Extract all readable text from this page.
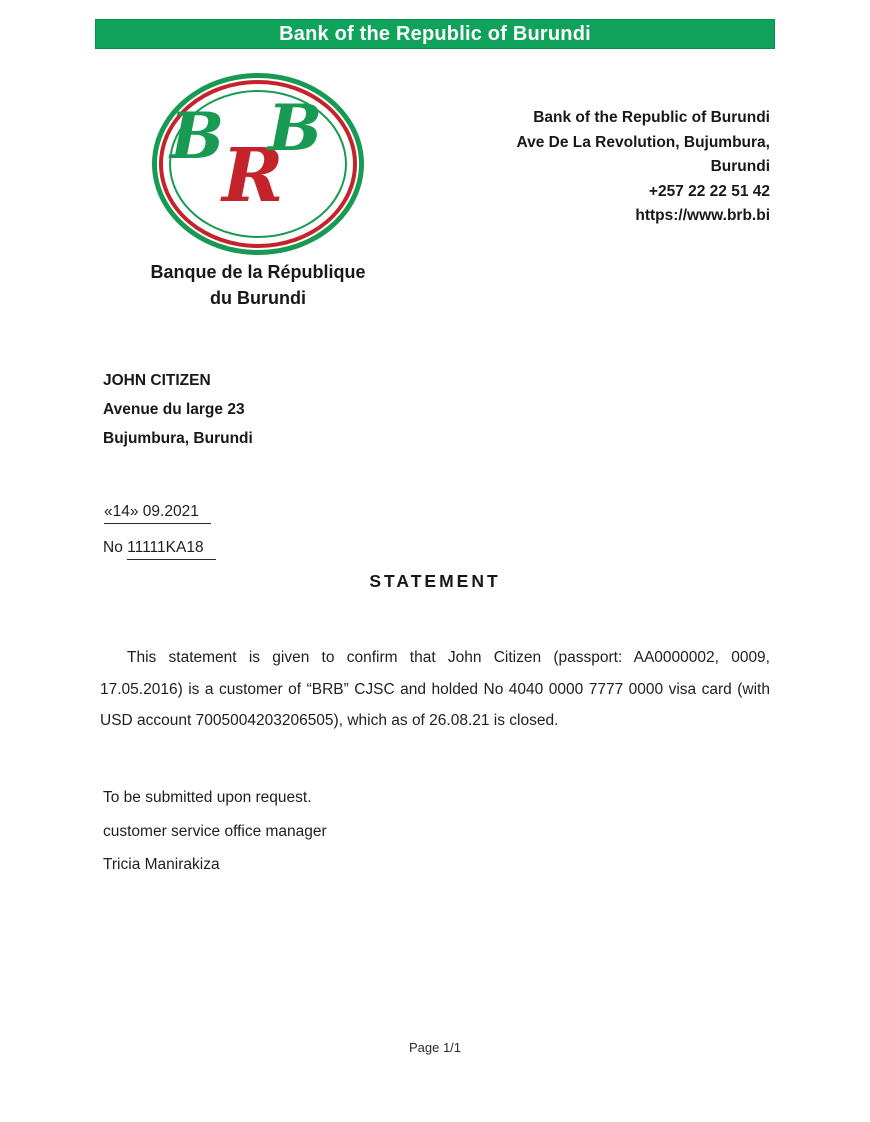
Bank of the Republic of Burundi
B
R
B
Banque de la République
du Burundi
Bank of the Republic of Burundi
Ave De La Revolution, Bujumbura,
Burundi
+257 22 22 51 42
https://www.brb.bi
JOHN CITIZEN
Avenue du large 23
Bujumbura, Burundi
«14» 09.2021
No 11111KA18
STATEMENT
This statement is given to confirm that John Citizen (passport: AA0000002, 0009,
17.05.2016) is a customer of “BRB” CJSC and holded No 4040 0000 7777 0000 visa card (with
USD account 7005004203206505), which as of 26.08.21 is closed.
To be submitted upon request.
customer service office manager
Tricia Manirakiza
Page 1/1
